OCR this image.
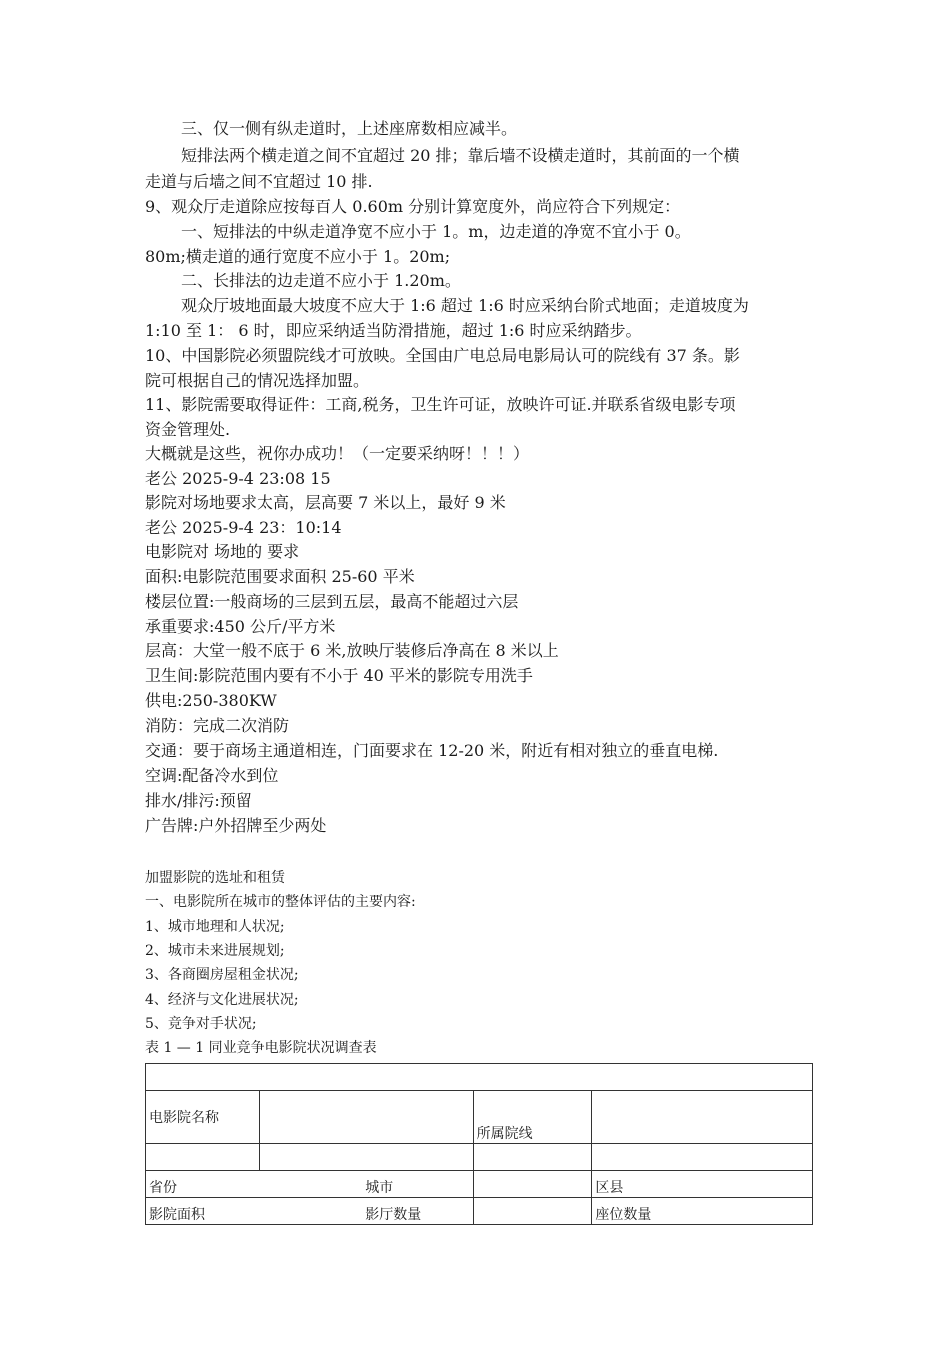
三、仅一侧有纵走道时，上述座席数相应减半。
短排法两个横走道之间不宜超过 20 排；靠后墙不设横走道时，其前面的一个横
走道与后墙之间不宜超过 10 排.
9、观众厅走道除应按每百人 0.60m 分别计算宽度外，尚应符合下列规定：
一、短排法的中纵走道净宽不应小于 1。m，边走道的净宽不宜小于 0。
80m;横走道的通行宽度不应小于 1。20m;
二、长排法的边走道不应小于 1.20m。
观众厅坡地面最大坡度不应大于 1:6 超过 1:6 时应采纳台阶式地面；走道坡度为
1:10 至 1： 6 时，即应采纳适当防滑措施，超过 1:6 时应采纳踏步。
10、中国影院必须盟院线才可放映。全国由广电总局电影局认可的院线有 37 条。影
院可根据自己的情况选择加盟。
11、影院需要取得证件：工商,税务，卫生许可证，放映许可证.并联系省级电影专项
资金管理处.
大概就是这些，祝你办成功！（一定要采纳呀！！！）
老公 2025-9-4 23:08 15
影院对场地要求太高，层高要 7 米以上，最好 9 米
老公 2025-9-4 23：10:14
电影院对 场地的 要求
面积:电影院范围要求面积 25-60 平米
楼层位置:一般商场的三层到五层，最高不能超过六层
承重要求:450 公斤/平方米
层高：大堂一般不底于 6 米,放映厅装修后净高在 8 米以上
卫生间:影院范围内要有不小于 40 平米的影院专用洗手
供电:250-380KW
消防：完成二次消防
交通：要于商场主通道相连，门面要求在 12-20 米，附近有相对独立的垂直电梯.
空调:配备冷水到位
排水/排污:预留
广告牌:户外招牌至少两处
加盟影院的选址和租赁
一、电影院所在城市的整体评估的主要内容:
1、城市地理和人状况;
2、城市未来进展规划;
3、各商圈房屋租金状况;
4、经济与文化进展状况;
5、竞争对手状况;
表 1 — 1 同业竞争电影院状况调查表

电影院名称		所属院线	

省份	城市		区县
影院面积	影厅数量		座位数量
